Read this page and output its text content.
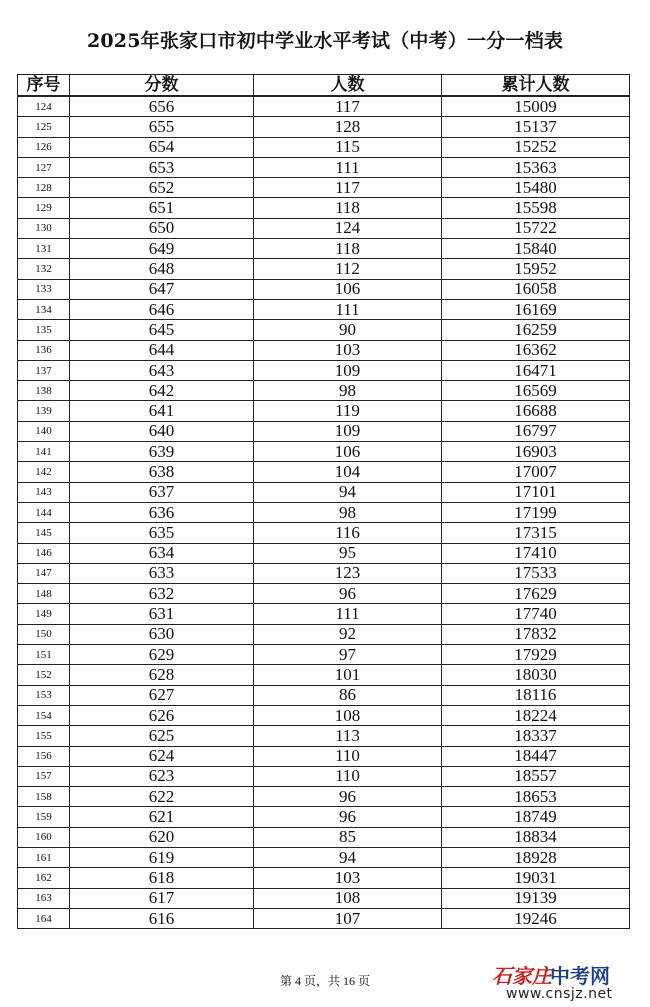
2025年张家口市初中学业水平考试（中考）一分一档表
序号	分数	人数	累计人数
124	656	117	15009
125	655	128	15137
126	654	115	15252
127	653	111	15363
128	652	117	15480
129	651	118	15598
130	650	124	15722
131	649	118	15840
132	648	112	15952
133	647	106	16058
134	646	111	16169
135	645	90	16259
136	644	103	16362
137	643	109	16471
138	642	98	16569
139	641	119	16688
140	640	109	16797
141	639	106	16903
142	638	104	17007
143	637	94	17101
144	636	98	17199
145	635	116	17315
146	634	95	17410
147	633	123	17533
148	632	96	17629
149	631	111	17740
150	630	92	17832
151	629	97	17929
152	628	101	18030
153	627	86	18116
154	626	108	18224
155	625	113	18337
156	624	110	18447
157	623	110	18557
158	622	96	18653
159	621	96	18749
160	620	85	18834
161	619	94	18928
162	618	103	19031
163	617	108	19139
164	616	107	19246
第 4 页，共 16 页	石家庄
中考网
www.cnsjz.net
